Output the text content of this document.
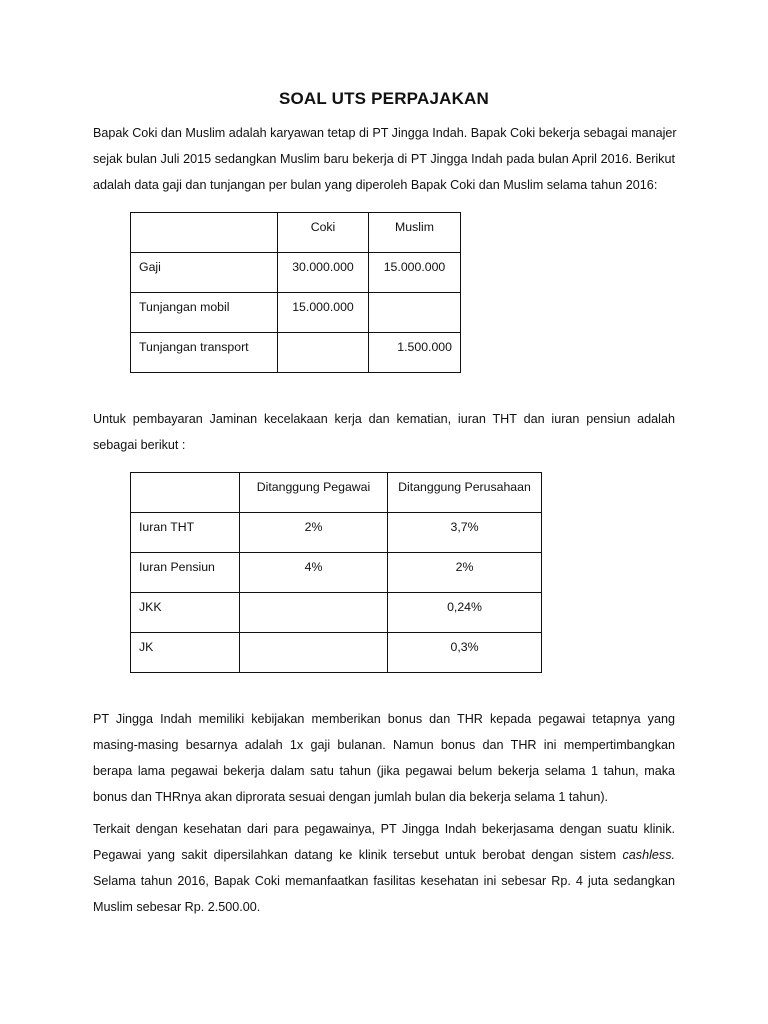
SOAL UTS PERPAJAKAN
Bapak Coki dan Muslim adalah karyawan tetap di PT Jingga Indah. Bapak Coki bekerja sebagai manajer
sejak bulan Juli 2015 sedangkan Muslim baru bekerja di PT Jingga Indah pada bulan April 2016. Berikut
adalah data gaji dan tunjangan per bulan yang diperoleh Bapak Coki dan Muslim selama tahun 2016:

	Coki	Muslim

Gaji	30.000.000	15.000.000

Tunjangan mobil	15.000.000	

Tunjangan transport		1.500.000
Untuk pembayaran Jaminan kecelakaan kerja dan kematian, iuran THT dan iuran pensiun adalah
sebagai berikut :

	Ditanggung Pegawai	Ditanggung Perusahaan

Iuran THT	2%	3,7%

Iuran Pensiun	4%	2%

JKK		0,24%

JK		0,3%
PT Jingga Indah memiliki kebijakan memberikan bonus dan THR kepada pegawai tetapnya yang
masing-masing besarnya adalah 1x gaji bulanan. Namun bonus dan THR ini mempertimbangkan
berapa lama pegawai bekerja dalam satu tahun (jika pegawai belum bekerja selama 1 tahun, maka
bonus dan THRnya akan diprorata sesuai dengan jumlah bulan dia bekerja selama 1 tahun).
Terkait dengan kesehatan dari para pegawainya, PT Jingga Indah bekerjasama dengan suatu klinik.
Pegawai yang sakit dipersilahkan datang ke klinik tersebut untuk berobat dengan sistem cashless.
Selama tahun 2016, Bapak Coki memanfaatkan fasilitas kesehatan ini sebesar Rp. 4 juta sedangkan
Muslim sebesar Rp. 2.500.00.
